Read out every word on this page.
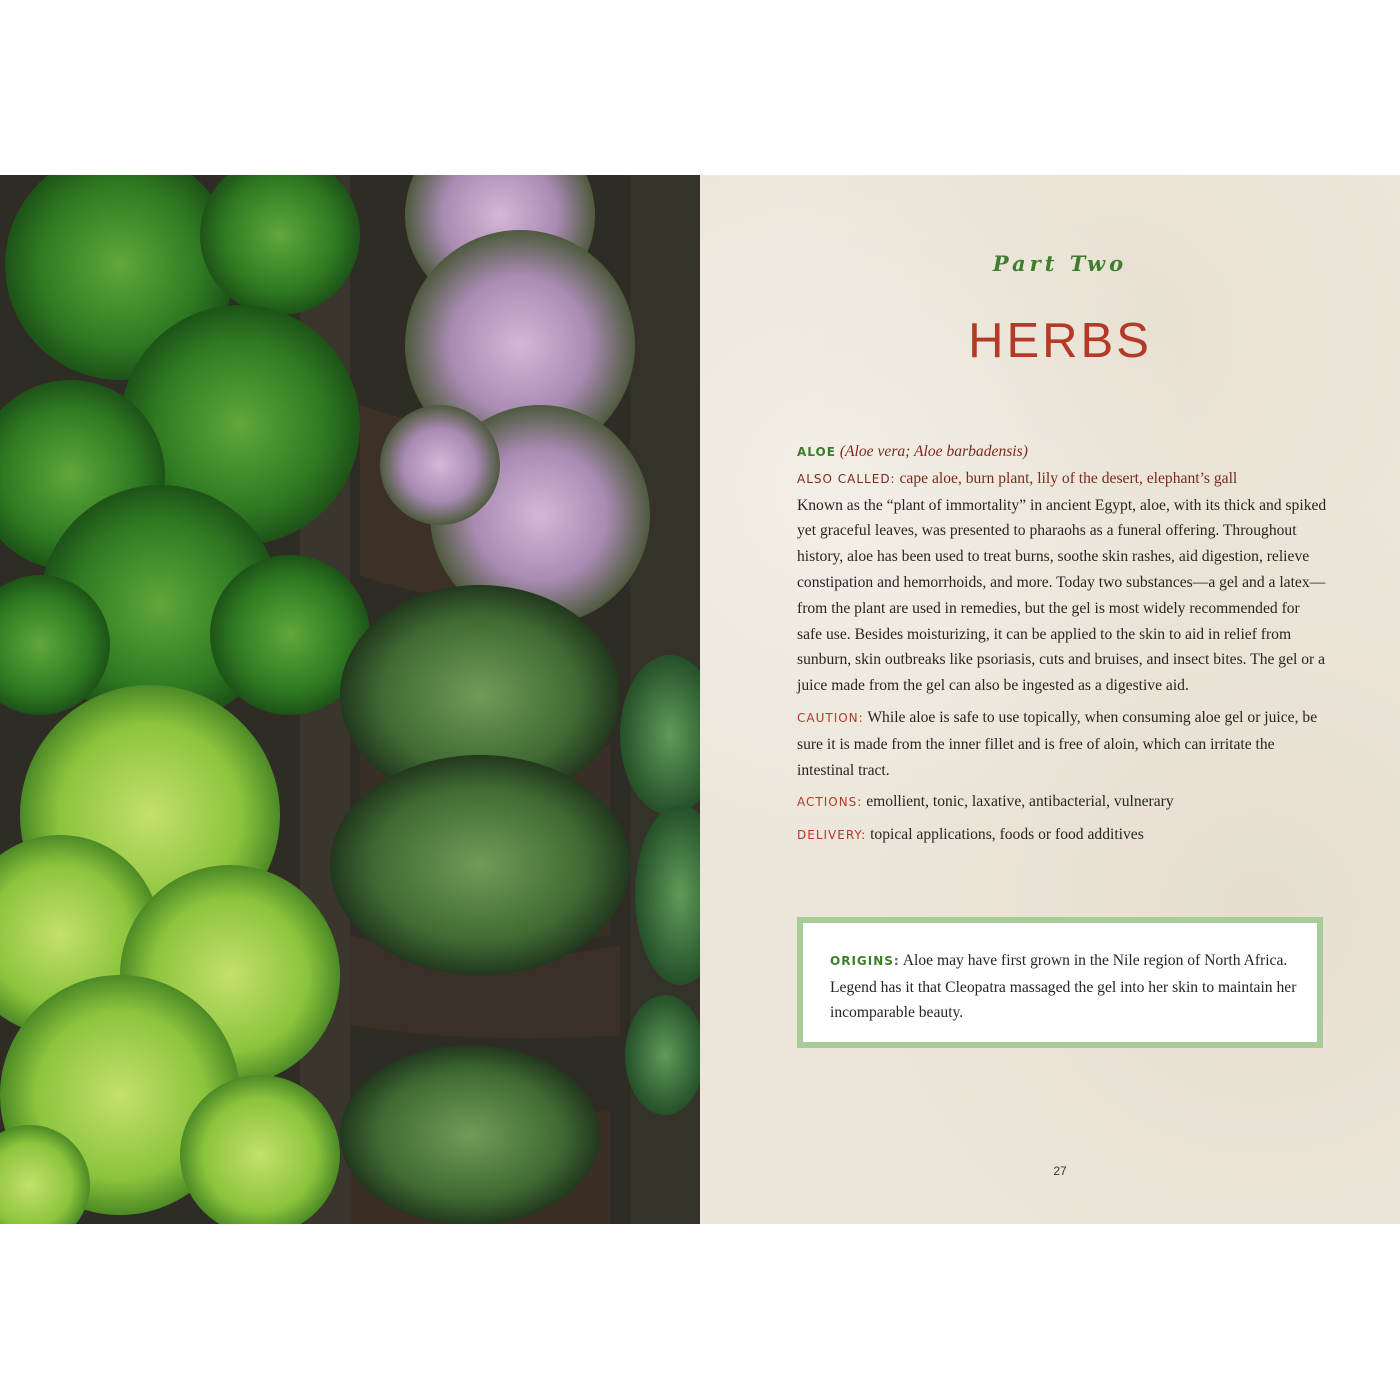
Part Two
HERBS

ALOE (Aloe vera; Aloe barbadensis)

ALSO CALLED: cape aloe, burn plant, lily of the desert, elephant’s gall

Known as the “plant of immortality” in ancient Egypt, aloe, with its thick and spiked yet graceful leaves, was presented to pharaohs as a funeral offering. Throughout history, aloe has been used to treat burns, soothe skin rashes, aid digestion, relieve constipation and hemorrhoids, and more. Today two substances—a gel and a latex—from the plant are used in remedies, but the gel is most widely recommended for safe use. Besides moisturizing, it can be applied to the skin to aid in relief from sunburn, skin outbreaks like psoriasis, cuts and bruises, and insect bites. The gel or a juice made from the gel can also be ingested as a digestive aid.

CAUTION: While aloe is safe to use topically, when consuming aloe gel or juice, be sure it is made from the inner fillet and is free of aloin, which can irritate the intestinal tract.

ACTIONS: emollient, tonic, laxative, antibacterial, vulnerary

DELIVERY: topical applications, foods or food additives

ORIGINS: Aloe may have first grown in the Nile region of North Africa. Legend has it that Cleopatra massaged the gel into her skin to maintain her incomparable beauty.
27
